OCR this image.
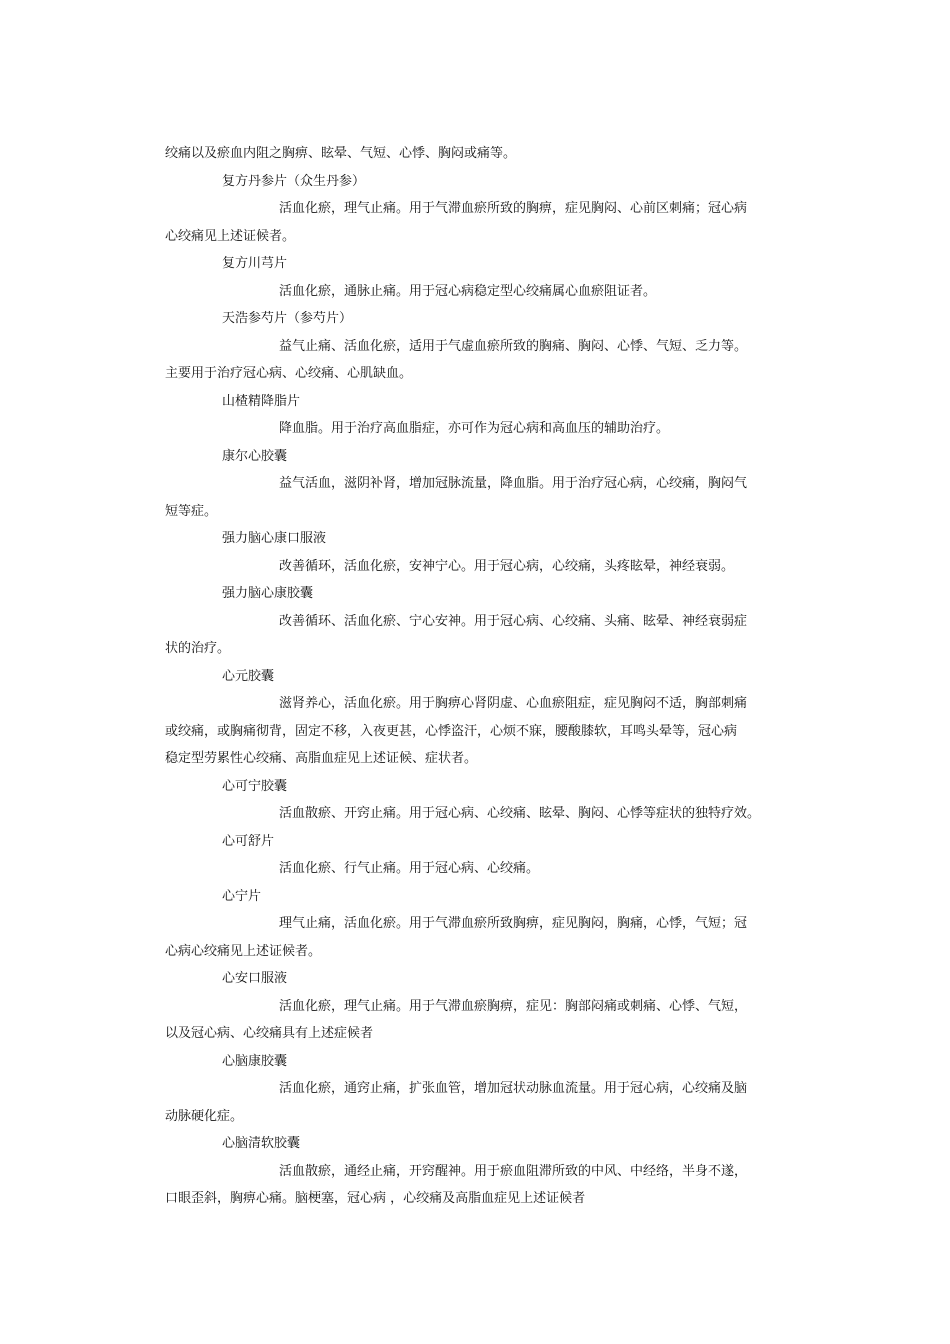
绞痛以及瘀血内阻之胸痹、眩晕、气短、心悸、胸闷或痛等。
复方丹参片（众生丹参）
活血化瘀，理气止痛。用于气滞血瘀所致的胸痹，症见胸闷、心前区刺痛；冠心病
心绞痛见上述证候者。
复方川芎片
活血化瘀，通脉止痛。用于冠心病稳定型心绞痛属心血瘀阻证者。
天浩参芍片（参芍片）
益气止痛、活血化瘀，适用于气虚血瘀所致的胸痛、胸闷、心悸、气短、乏力等。
主要用于治疗冠心病、心绞痛、心肌缺血。
山楂精降脂片
降血脂。用于治疗高血脂症，亦可作为冠心病和高血压的辅助治疗。
康尔心胶囊
益气活血，滋阴补肾，增加冠脉流量，降血脂。用于治疗冠心病，心绞痛，胸闷气
短等症。
强力脑心康口服液
改善循环，活血化瘀，安神宁心。用于冠心病，心绞痛，头疼眩晕，神经衰弱。
强力脑心康胶囊
改善循环、活血化瘀、宁心安神。用于冠心病、心绞痛、头痛、眩晕、神经衰弱症
状的治疗。
心元胶囊
滋肾养心，活血化瘀。用于胸痹心肾阴虚、心血瘀阻症，症见胸闷不适，胸部刺痛
或绞痛，或胸痛彻背，固定不移，入夜更甚，心悸盗汗，心烦不寐，腰酸膝软，耳鸣头晕等，冠心病
稳定型劳累性心绞痛、高脂血症见上述证候、症状者。
心可宁胶囊
活血散瘀、开窍止痛。用于冠心病、心绞痛、眩晕、胸闷、心悸等症状的独特疗效。
心可舒片
活血化瘀、行气止痛。用于冠心病、心绞痛。
心宁片
理气止痛，活血化瘀。用于气滞血瘀所致胸痹，症见胸闷，胸痛，心悸，气短；冠
心病心绞痛见上述证候者。
心安口服液
活血化瘀，理气止痛。用于气滞血瘀胸痹，症见：胸部闷痛或刺痛、心悸、气短，
以及冠心病、心绞痛具有上述症候者
心脑康胶囊
活血化瘀，通窍止痛，扩张血管，增加冠状动脉血流量。用于冠心病，心绞痛及脑
动脉硬化症。
心脑清软胶囊
活血散瘀，通经止痛，开窍醒神。用于瘀血阻滞所致的中风、中经络，半身不遂，
口眼歪斜，胸痹心痛。脑梗塞，冠心病 ，心绞痛及高脂血症见上述证候者
